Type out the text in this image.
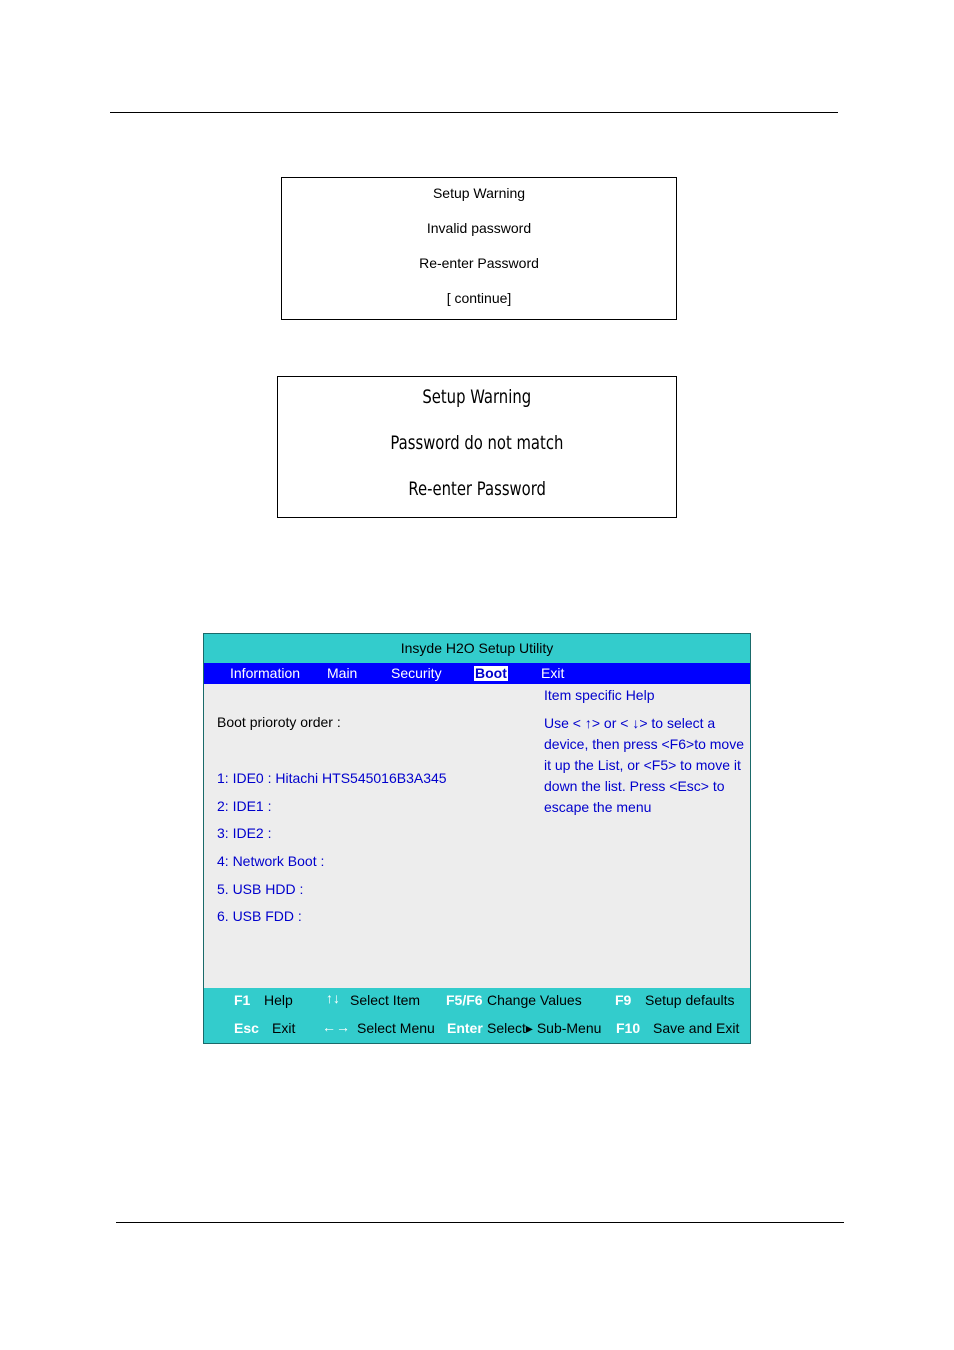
Setup Warning
Invalid password
Re-enter Password
[ continue]
Setup Warning
Password do not match
Re-enter Password
Insyde H2O Setup Utility
Information Main Security Boot Exit
Boot prioroty order :
1: IDE0 : Hitachi HTS545016B3A345
2: IDE1 :
3: IDE2 :
4: Network Boot :
5. USB HDD :
6. USB FDD :
Item specific Help
Use < ↑> or < ↓> to select a
device, then press <F6>to move
it up the List, or <F5> to move it
down the list. Press <Esc> to
escape the menu
F1 Help ↑↓ Select Item F5/F6 Change Values F9 Setup defaults
Esc Exit ←→ Select Menu Enter Select▸ Sub-Menu F10 Save and Exit
